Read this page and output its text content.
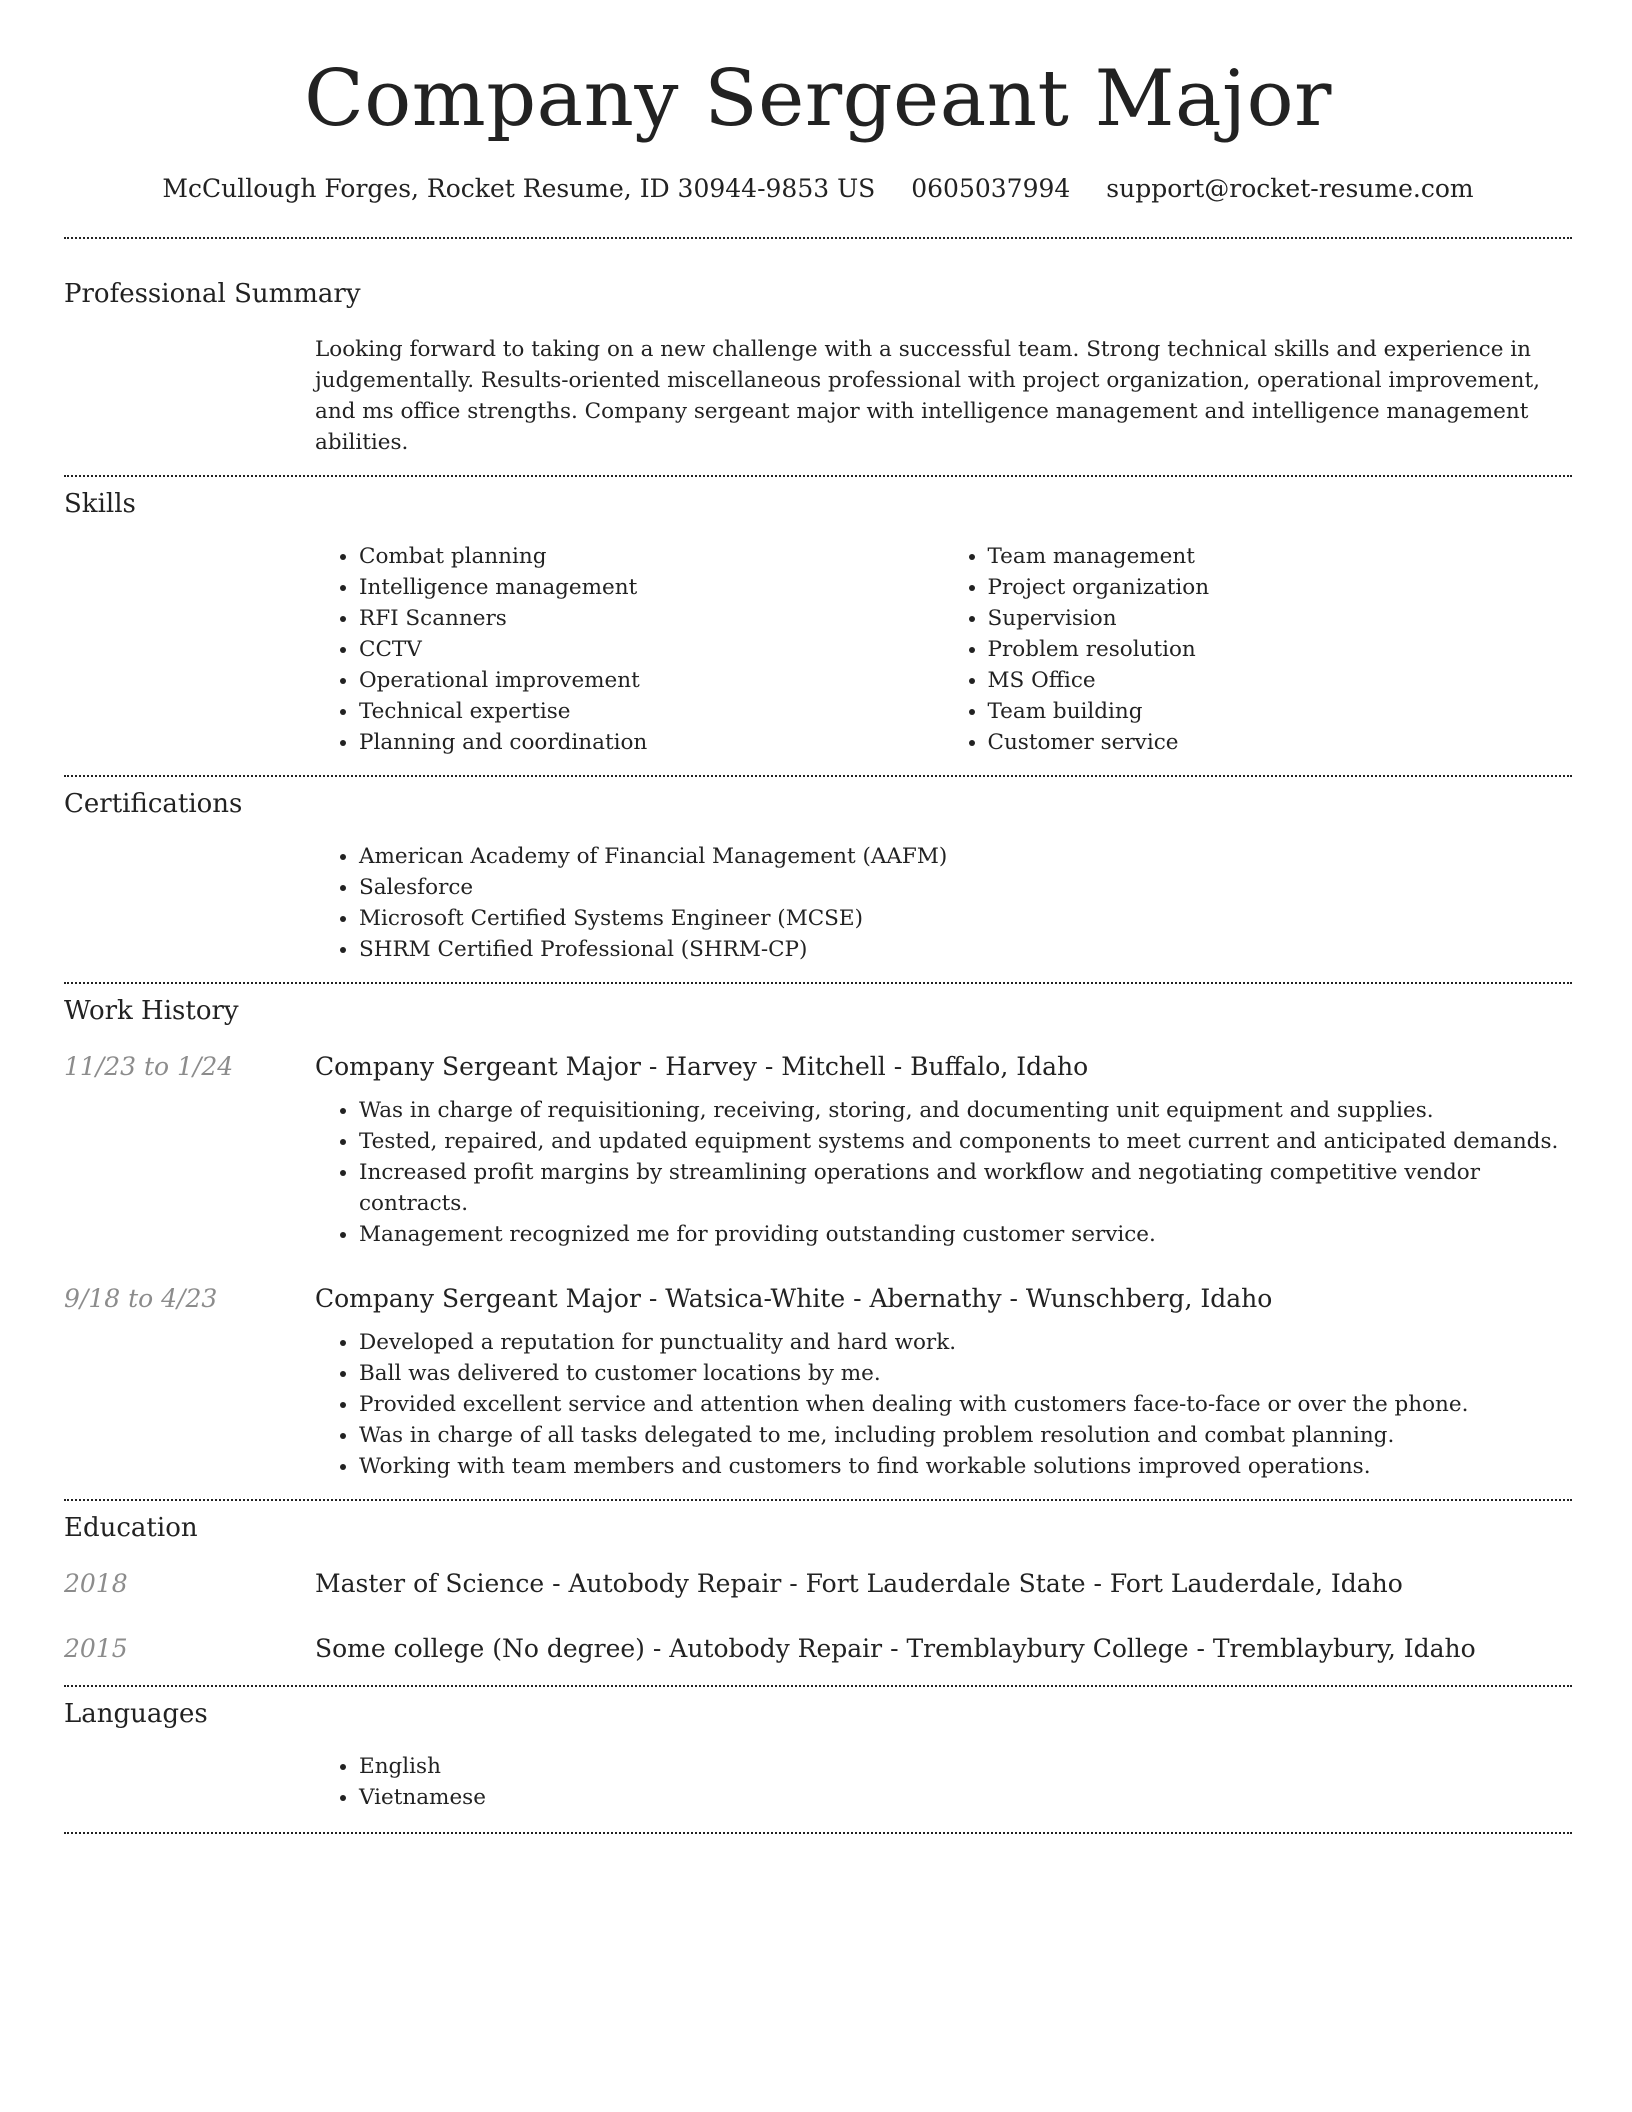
Company Sergeant Major
McCullough Forges, Rocket Resume, ID 30944-9853 US 0605037994 support@rocket-resume.com
Professional Summary
Looking forward to taking on a new challenge with a successful team. Strong technical skills and experience in judgementally. Results-oriented miscellaneous professional with project organization, operational improvement, and ms office strengths. Company sergeant major with intelligence management and intelligence management abilities.
Skills
• Combat planning
• Intelligence management
• RFI Scanners
• CCTV
• Operational improvement
• Technical expertise
• Planning and coordination
• Team management
• Project organization
• Supervision
• Problem resolution
• MS Office
• Team building
• Customer service
Certifications
• American Academy of Financial Management (AAFM)
• Salesforce
• Microsoft Certified Systems Engineer (MCSE)
• SHRM Certified Professional (SHRM-CP)
Work History
11/23 to 1/24	Company Sergeant Major - Harvey - Mitchell - Buffalo, Idaho
• Was in charge of requisitioning, receiving, storing, and documenting unit equipment and supplies.
• Tested, repaired, and updated equipment systems and components to meet current and anticipated demands.
• Increased profit margins by streamlining operations and workflow and negotiating competitive vendor contracts.
• Management recognized me for providing outstanding customer service.
9/18 to 4/23	Company Sergeant Major - Watsica-White - Abernathy - Wunschberg, Idaho
• Developed a reputation for punctuality and hard work.
• Ball was delivered to customer locations by me.
• Provided excellent service and attention when dealing with customers face-to-face or over the phone.
• Was in charge of all tasks delegated to me, including problem resolution and combat planning.
• Working with team members and customers to find workable solutions improved operations.
Education
2018	Master of Science - Autobody Repair - Fort Lauderdale State - Fort Lauderdale, Idaho
2015	Some college (No degree) - Autobody Repair - Tremblaybury College - Tremblaybury, Idaho
Languages
• English
• Vietnamese
